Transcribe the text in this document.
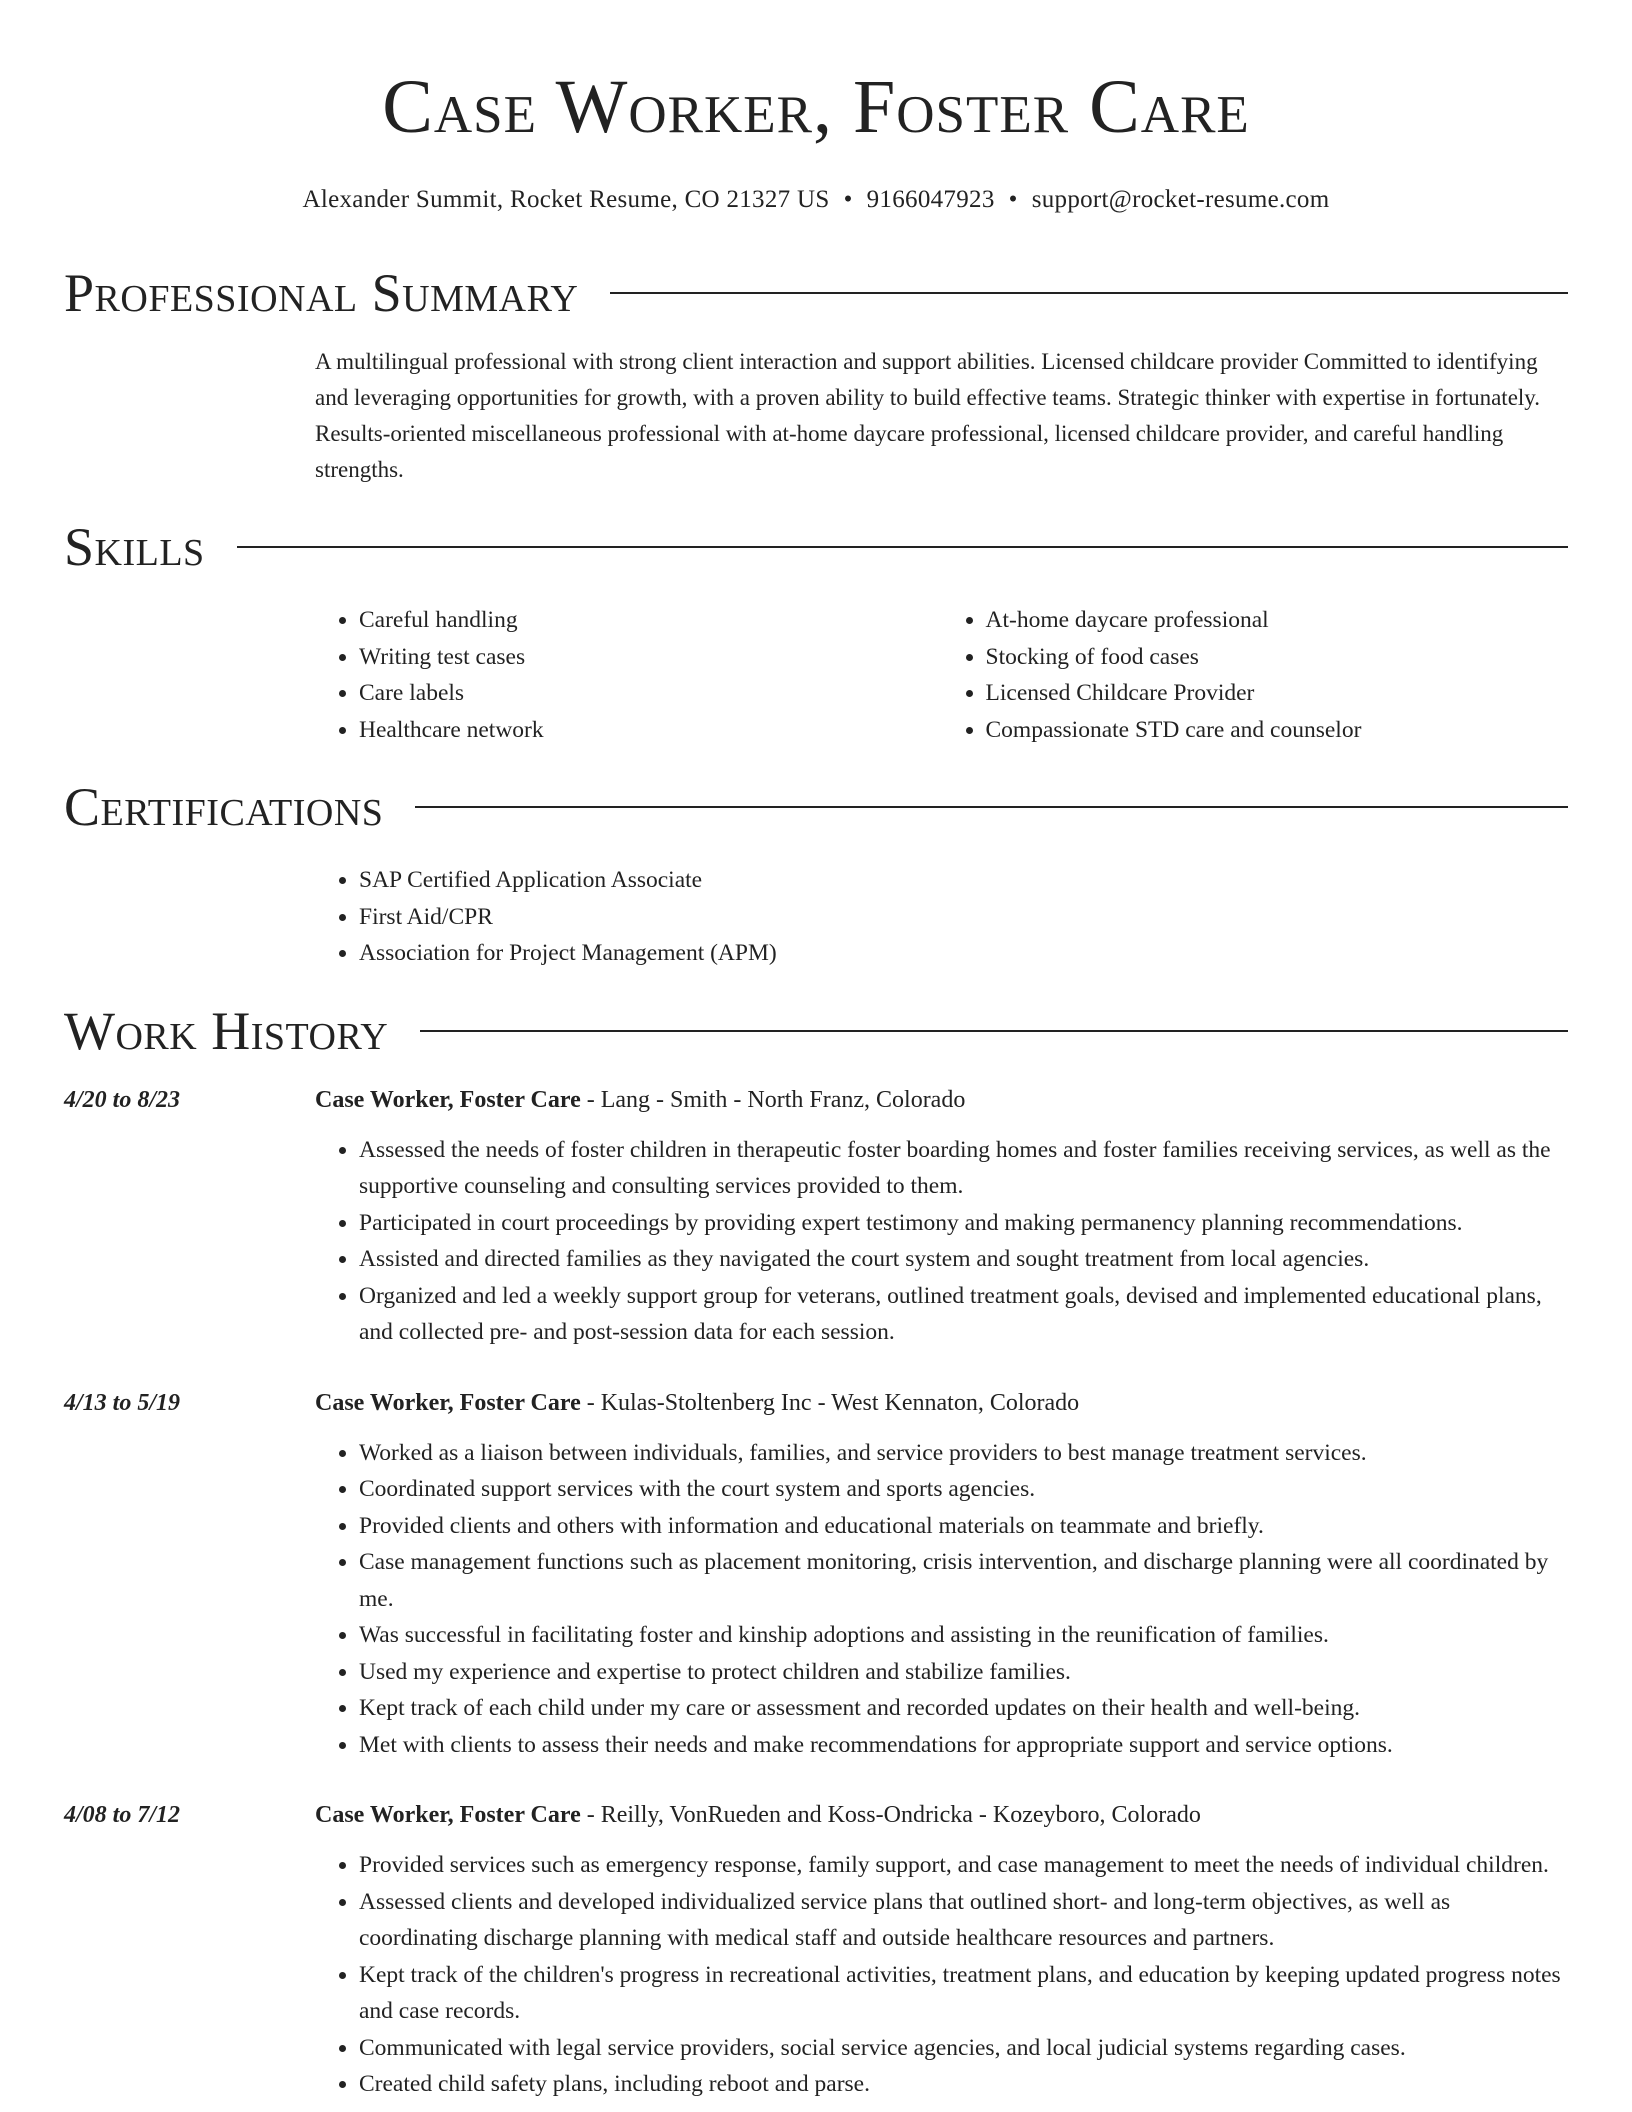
Case Worker, Foster Care
Alexander Summit, Rocket Resume, CO 21327 US • 9166047923 • support@rocket-resume.com
Professional Summary
A multilingual professional with strong client interaction and support abilities. Licensed childcare provider Committed to identifying and leveraging opportunities for growth, with a proven ability to build effective teams. Strategic thinker with expertise in fortunately. Results-oriented miscellaneous professional with at-home daycare professional, licensed childcare provider, and careful handling strengths.
Skills
• Careful handling
• Writing test cases
• Care labels
• Healthcare network
• At-home daycare professional
• Stocking of food cases
• Licensed Childcare Provider
• Compassionate STD care and counselor
Certifications
• SAP Certified Application Associate
• First Aid/CPR
• Association for Project Management (APM)
Work History
4/20 to 8/23	Case Worker, Foster Care - Lang - Smith - North Franz, Colorado
• Assessed the needs of foster children in therapeutic foster boarding homes and foster families receiving services, as well as the supportive counseling and consulting services provided to them.
• Participated in court proceedings by providing expert testimony and making permanency planning recommendations.
• Assisted and directed families as they navigated the court system and sought treatment from local agencies.
• Organized and led a weekly support group for veterans, outlined treatment goals, devised and implemented educational plans, and collected pre- and post-session data for each session.
4/13 to 5/19	Case Worker, Foster Care - Kulas-Stoltenberg Inc - West Kennaton, Colorado
• Worked as a liaison between individuals, families, and service providers to best manage treatment services.
• Coordinated support services with the court system and sports agencies.
• Provided clients and others with information and educational materials on teammate and briefly.
• Case management functions such as placement monitoring, crisis intervention, and discharge planning were all coordinated by me.
• Was successful in facilitating foster and kinship adoptions and assisting in the reunification of families.
• Used my experience and expertise to protect children and stabilize families.
• Kept track of each child under my care or assessment and recorded updates on their health and well-being.
• Met with clients to assess their needs and make recommendations for appropriate support and service options.
4/08 to 7/12	Case Worker, Foster Care - Reilly, VonRueden and Koss-Ondricka - Kozeyboro, Colorado
• Provided services such as emergency response, family support, and case management to meet the needs of individual children.
• Assessed clients and developed individualized service plans that outlined short- and long-term objectives, as well as coordinating discharge planning with medical staff and outside healthcare resources and partners.
• Kept track of the children's progress in recreational activities, treatment plans, and education by keeping updated progress notes and case records.
• Communicated with legal service providers, social service agencies, and local judicial systems regarding cases.
• Created child safety plans, including reboot and parse.
